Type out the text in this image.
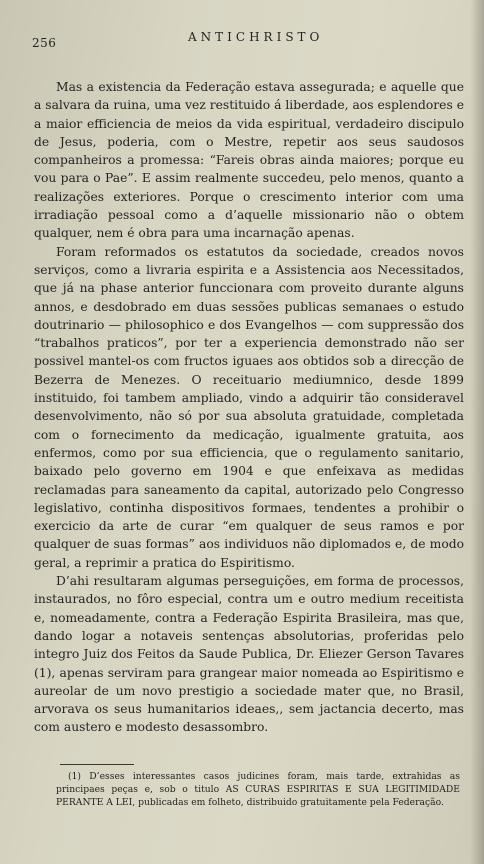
256	ANTICHRISTO

Mas a existencia da Federação estava assegurada; e aquelle que a salvara da ruina, uma vez restituido á liberdade, aos esplendores e a maior efficiencia de meios da vida espiritual, verdadeiro discipulo de Jesus, poderia, com o Mestre, repetir aos seus saudosos companheiros a promessa: “Fareis obras ainda maiores; porque eu vou para o Pae”. E assim realmente succedeu, pelo menos, quanto a realizações exteriores. Porque o crescimento interior com uma irradiação pessoal como a d’aquelle missionario não o obtem qualquer, nem é obra para uma incarnação apenas.

Foram reformados os estatutos da sociedade, creados novos serviços, como a livraria espirita e a Assistencia aos Necessitados, que já na phase anterior funccionara com proveito durante alguns annos, e desdobrado em duas sessões publicas semanaes o estudo doutrinario — philosophico e dos Evangelhos — com suppressão dos “trabalhos praticos”, por ter a experiencia demonstrado não ser possivel mantel-os com fructos iguaes aos obtidos sob a direcção de Bezerra de Menezes. O receituario mediumnico, desde 1899 instituido, foi tambem ampliado, vindo a adquirir tão consideravel desenvolvimento, não só por sua absoluta gratuidade, completada com o fornecimento da medicação, igualmente gratuita, aos enfermos, como por sua efficiencia, que o regulamento sanitario, baixado pelo governo em 1904 e que enfeixava as medidas reclamadas para saneamento da capital, autorizado pelo Congresso legislativo, continha dispositivos formaes, tendentes a prohibir o exercicio da arte de curar “em qualquer de seus ramos e por qualquer de suas formas” aos individuos não diplomados e, de modo geral, a reprimir a pratica do Espiritismo.

D’ahi resultaram algumas perseguições, em forma de processos, instaurados, no fôro especial, contra um e outro medium receitista e, nomeadamente, contra a Federação Espirita Brasileira, mas que, dando logar a notaveis sentenças absolutorias, proferidas pelo integro Juiz dos Feitos da Saude Publica, Dr. Eliezer Gerson Tavares (1), apenas serviram para grangear maior nomeada ao Espiritismo e aureolar de um novo prestigio a sociedade mater que, no Brasil, arvorava os seus humanitarios ideaes,, sem jactancia decerto, mas com austero e modesto desassombro.

(1) D’esses interessantes casos judicines foram, mais tarde, extrahidas as principaes peças e, sob o titulo AS CURAS ESPIRITAS E SUA LEGITIMIDADE PERANTE A LEI, publicadas em folheto, distribuido gratuitamente pela Federação.
